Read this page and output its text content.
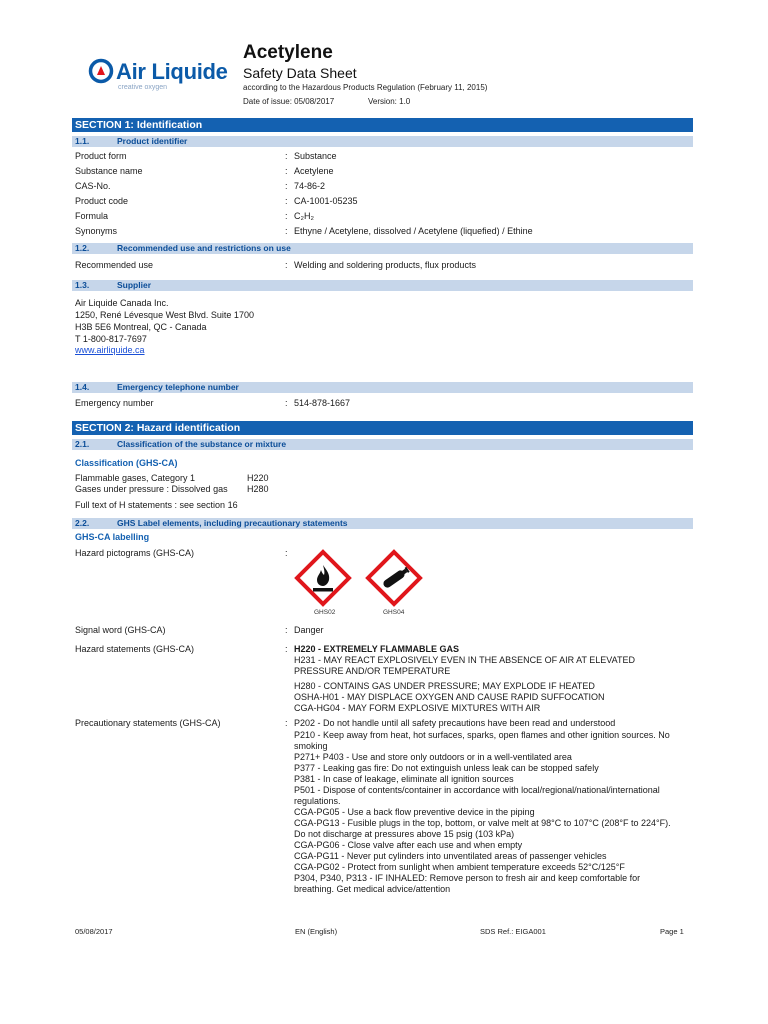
Air Liquide
creative oxygen
Acetylene
Safety Data Sheet
according to the Hazardous Products Regulation (February 11, 2015)
Date of issue: 05/08/2017	Version: 1.0
SECTION 1: Identification
1.1.	Product identifier
Product form	: Substance
Substance name	: Acetylene
CAS-No.	: 74-86-2
Product code	: CA-1001-05235
Formula	: C₂H₂
Synonyms	: Ethyne / Acetylene, dissolved / Acetylene (liquefied) / Ethine
1.2.	Recommended use and restrictions on use
Recommended use	: Welding and soldering products, flux products
1.3.	Supplier
Air Liquide Canada Inc.
1250, René Lévesque West Blvd. Suite 1700
H3B 5E6 Montreal, QC - Canada
T 1-800-817-7697
www.airliquide.ca
1.4.	Emergency telephone number
Emergency number	: 514-878-1667
SECTION 2: Hazard identification
2.1.	Classification of the substance or mixture
Classification (GHS-CA)
Flammable gases, Category 1	H220
Gases under pressure : Dissolved gas H280
Full text of H statements : see section 16
2.2.	GHS Label elements, including precautionary statements
GHS-CA labelling
Hazard pictograms (GHS-CA)	:
GHS02	GHS04
Signal word (GHS-CA)	: Danger
Hazard statements (GHS-CA)	: H220 - EXTREMELY FLAMMABLE GAS
H231 - MAY REACT EXPLOSIVELY EVEN IN THE ABSENCE OF AIR AT ELEVATED
PRESSURE AND/OR TEMPERATURE
H280 - CONTAINS GAS UNDER PRESSURE; MAY EXPLODE IF HEATED
OSHA-H01 - MAY DISPLACE OXYGEN AND CAUSE RAPID SUFFOCATION
CGA-HG04 - MAY FORM EXPLOSIVE MIXTURES WITH AIR
Precautionary statements (GHS-CA)	: P202 - Do not handle until all safety precautions have been read and understood
P210 - Keep away from heat, hot surfaces, sparks, open flames and other ignition sources. No
smoking
P271+ P403 - Use and store only outdoors or in a well-ventilated area
P377 - Leaking gas fire: Do not extinguish unless leak can be stopped safely
P381 - In case of leakage, eliminate all ignition sources
P501 - Dispose of contents/container in accordance with local/regional/national/international
regulations.
CGA-PG05 - Use a back flow preventive device in the piping
CGA-PG13 - Fusible plugs in the top, bottom, or valve melt at 98°C to 107°C (208°F to 224°F).
Do not discharge at pressures above 15 psig (103 kPa)
CGA-PG06 - Close valve after each use and when empty
CGA-PG11 - Never put cylinders into unventilated areas of passenger vehicles
CGA-PG02 - Protect from sunlight when ambient temperature exceeds 52°C/125°F
P304, P340, P313 - IF INHALED: Remove person to fresh air and keep comfortable for
breathing. Get medical advice/attention
05/08/2017	EN (English)	SDS Ref.: EIGA001	Page 1
